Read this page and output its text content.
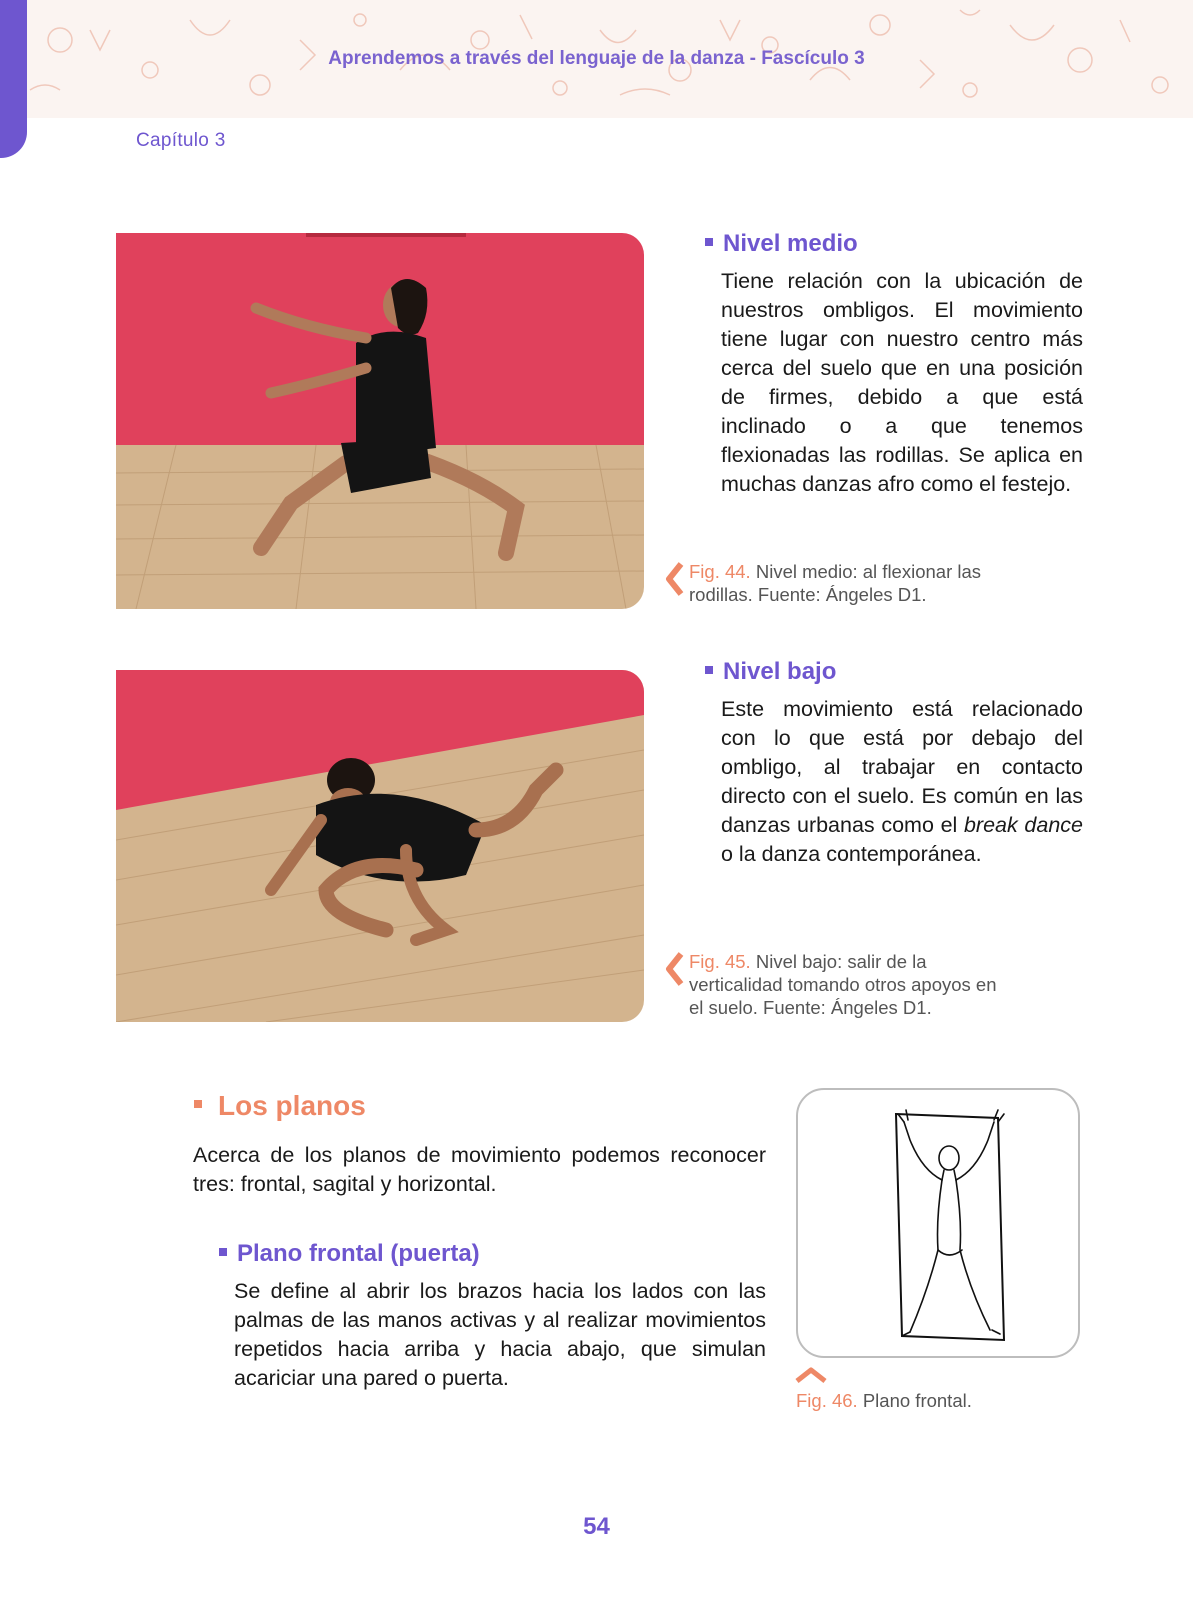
Aprendemos a través del lenguaje de la danza - Fascículo 3
Capítulo 3
Nivel medio
Tiene relación con la ubicación de nuestros ombligos. El movimiento tiene lugar con nuestro centro más cerca del suelo que en una posición de firmes, debido a que está inclinado o a que tenemos flexionadas las rodillas. Se aplica en muchas danzas afro como el festejo.
Fig. 44. Nivel medio: al flexionar las rodillas. Fuente: Ángeles D1.
Nivel bajo
Este movimiento está relacionado con lo que está por debajo del ombligo, al trabajar en contacto directo con el suelo. Es común en las danzas urbanas como el break dance o la danza contemporánea.
Fig. 45. Nivel bajo: salir de la verticalidad tomando otros apoyos en el suelo. Fuente: Ángeles D1.
Los planos
Acerca de los planos de movimiento podemos reconocer tres: frontal, sagital y horizontal.
Plano frontal (puerta)
Se define al abrir los brazos hacia los lados con las palmas de las manos activas y al realizar movimientos repetidos hacia arriba y hacia abajo, que simulan acariciar una pared o puerta.
Fig. 46. Plano frontal.
54
